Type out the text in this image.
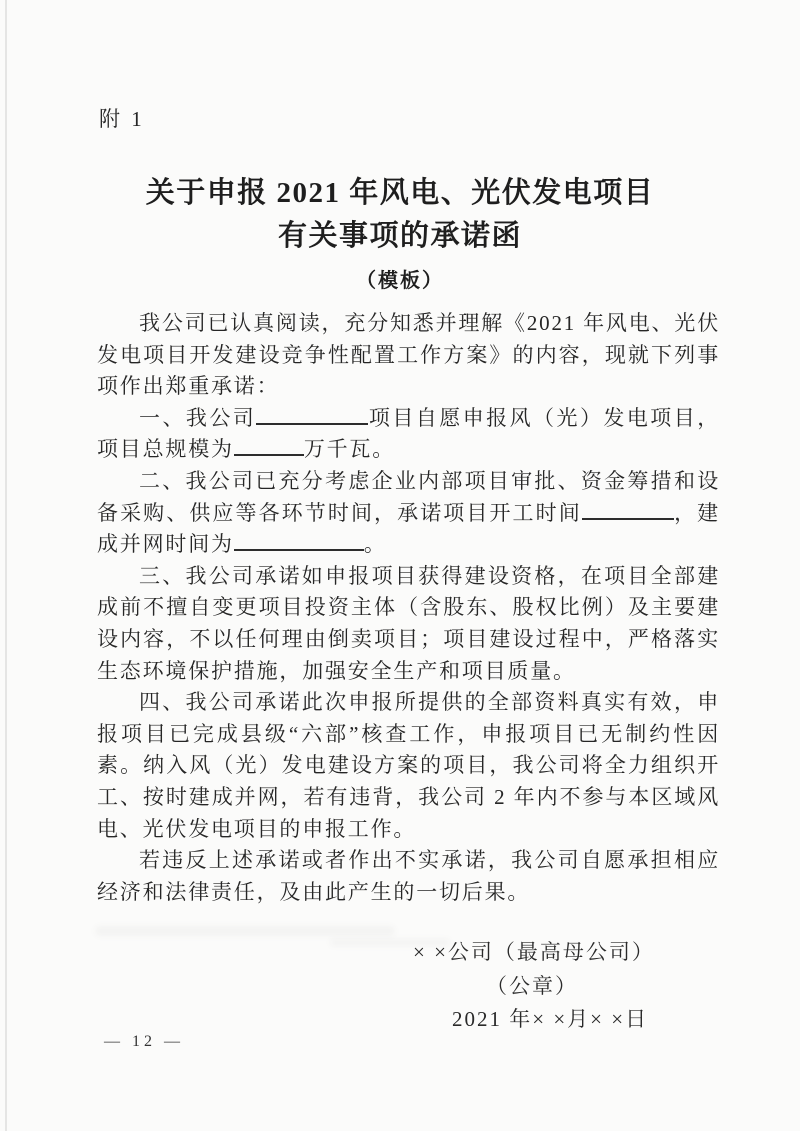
附 1
关于申报 2021 年风电、光伏发电项目
有关事项的承诺函
（模板）

我公司已认真阅读，充分知悉并理解《2021 年风电、光伏发电项目开发建设竞争性配置工作方案》的内容，现就下列事项作出郑重承诺：

一、我公司	项目自愿申报风（光）发电项目，项目总规模为	万千瓦。

二、我公司已充分考虑企业内部项目审批、资金筹措和设备采购、供应等各环节时间，承诺项目开工时间	，建成并网时间为	。

三、我公司承诺如申报项目获得建设资格，在项目全部建成前不擅自变更项目投资主体（含股东、股权比例）及主要建设内容，不以任何理由倒卖项目；项目建设过程中，严格落实生态环境保护措施，加强安全生产和项目质量。

四、我公司承诺此次申报所提供的全部资料真实有效，申报项目已完成县级“六部”核查工作，申报项目已无制约性因素。纳入风（光）发电建设方案的项目，我公司将全力组织开工、按时建成并网，若有违背，我公司 2 年内不参与本区域风电、光伏发电项目的申报工作。

若违反上述承诺或者作出不实承诺，我公司自愿承担相应经济和法律责任，及由此产生的一切后果。

× ×公司（最高母公司）
（公章）
2021 年× ×月× ×日
— 12 —
